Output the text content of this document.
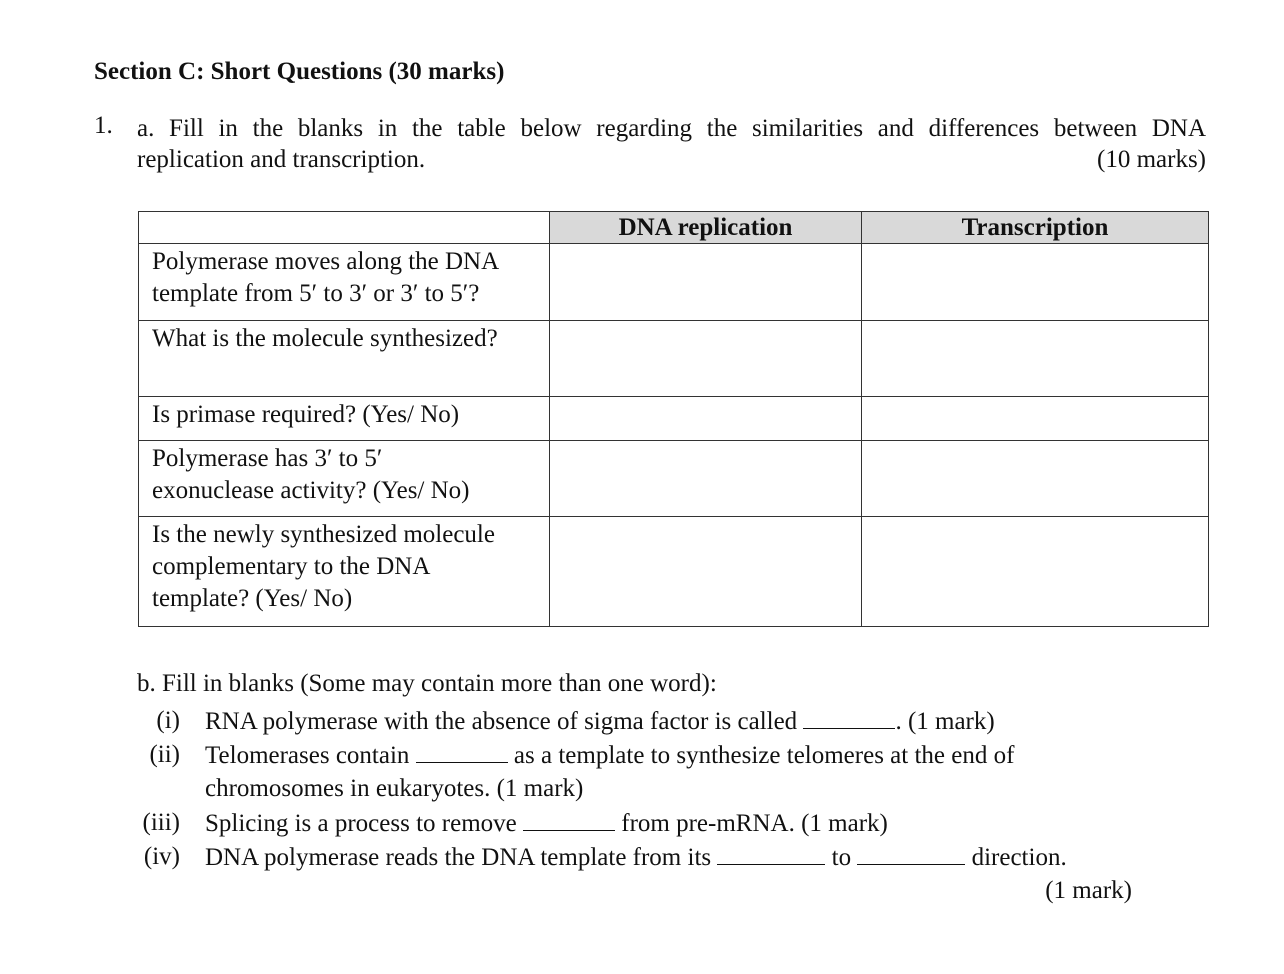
Section C: Short Questions (30 marks)
1. a. Fill in the blanks in the table below regarding the similarities and differences between DNA
replication and transcription.	(10 marks)
	DNA replication	Transcription

Polymerase moves along the DNA
template from 5′ to 3′ or 3′ to 5′?		

What is the molecule synthesized?		

Is primase required? (Yes/ No)		

Polymerase has 3′ to 5′
exonuclease activity? (Yes/ No)		

Is the newly synthesized molecule
complementary to the DNA
template? (Yes/ No)		

b. Fill in blanks (Some may contain more than one word):
(i) RNA polymerase with the absence of sigma factor is called	. (1 mark)
(ii) Telomerases contain	as a template to synthesize telomeres at the end of
chromosomes in eukaryotes. (1 mark)
(iii) Splicing is a process to remove	from pre-mRNA. (1 mark)
(iv) DNA polymerase reads the DNA template from its	to	direction.
(1 mark)
